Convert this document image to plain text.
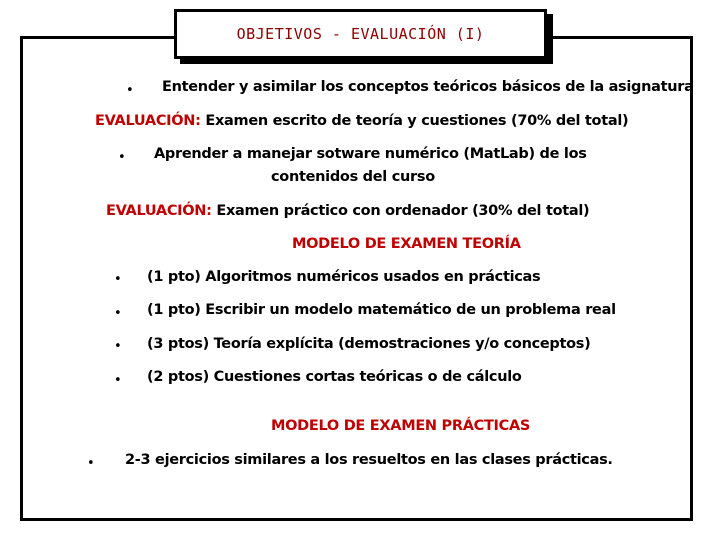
OBJETIVOS - EVALUACIÓN (I)
• Entender y asimilar los conceptos teóricos básicos de la asignatura
EVALUACIÓN: Examen escrito de teoría y cuestiones (70% del total)
• Aprender a manejar sotware numérico (MatLab) de los
contenidos del curso
EVALUACIÓN: Examen práctico con ordenador (30% del total)
MODELO DE EXAMEN TEORÍA
• (1 pto) Algoritmos numéricos usados en prácticas
• (1 pto) Escribir un modelo matemático de un problema real
• (3 ptos) Teoría explícita (demostraciones y/o conceptos)
• (2 ptos) Cuestiones cortas teóricas o de cálculo
MODELO DE EXAMEN PRÁCTICAS
• 2-3 ejercicios similares a los resueltos en las clases prácticas.
